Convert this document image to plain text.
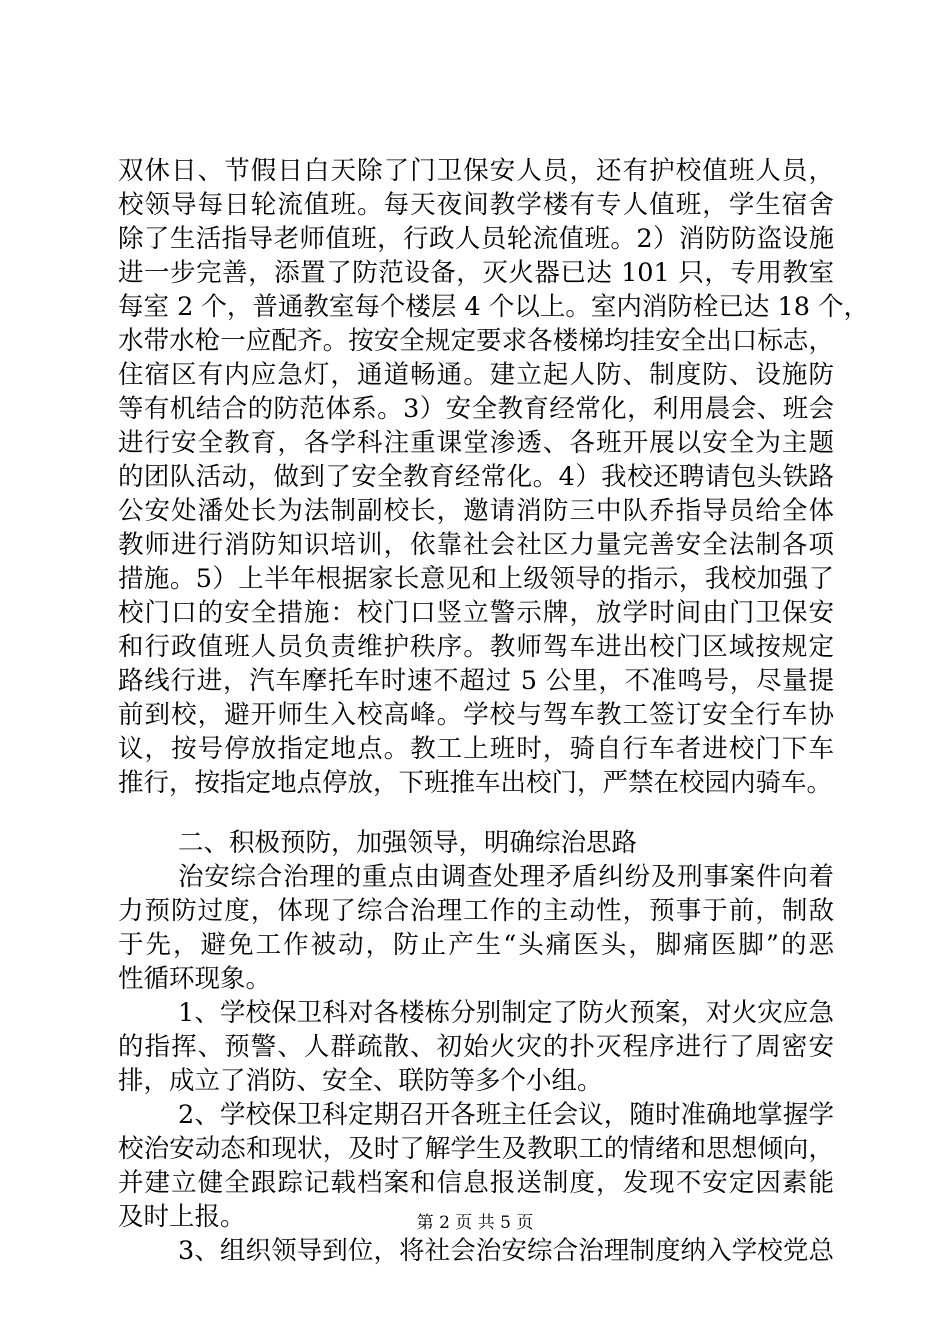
双休日、节假日白天除了门卫保安人员，还有护校值班人员，
校领导每日轮流值班。每天夜间教学楼有专人值班，学生宿舍
除了生活指导老师值班，行政人员轮流值班。2）消防防盗设施
进一步完善，添置了防范设备，灭火器已达 101 只，专用教室
每室 2 个，普通教室每个楼层 4 个以上。室内消防栓已达 18 个，
水带水枪一应配齐。按安全规定要求各楼梯均挂安全出口标志，
住宿区有内应急灯，通道畅通。建立起人防、制度防、设施防
等有机结合的防范体系。3）安全教育经常化，利用晨会、班会
进行安全教育，各学科注重课堂渗透、各班开展以安全为主题
的团队活动，做到了安全教育经常化。4）我校还聘请包头铁路
公安处潘处长为法制副校长，邀请消防三中队乔指导员给全体
教师进行消防知识培训，依靠社会社区力量完善安全法制各项
措施。5）上半年根据家长意见和上级领导的指示，我校加强了
校门口的安全措施：校门口竖立警示牌，放学时间由门卫保安
和行政值班人员负责维护秩序。教师驾车进出校门区域按规定
路线行进，汽车摩托车时速不超过 5 公里，不准鸣号，尽量提
前到校，避开师生入校高峰。学校与驾车教工签订安全行车协
议，按号停放指定地点。教工上班时，骑自行车者进校门下车
推行，按指定地点停放，下班推车出校门，严禁在校园内骑车。
二、积极预防，加强领导，明确综治思路
治安综合治理的重点由调查处理矛盾纠纷及刑事案件向着
力预防过度，体现了综合治理工作的主动性，预事于前，制敌
于先，避免工作被动，防止产生“头痛医头，脚痛医脚”的恶
性循环现象。
1、学校保卫科对各楼栋分别制定了防火预案，对火灾应急
的指挥、预警、人群疏散、初始火灾的扑灭程序进行了周密安
排，成立了消防、安全、联防等多个小组。
2、学校保卫科定期召开各班主任会议，随时准确地掌握学
校治安动态和现状，及时了解学生及教职工的情绪和思想倾向，
并建立健全跟踪记载档案和信息报送制度，发现不安定因素能
及时上报。
3、组织领导到位，将社会治安综合治理制度纳入学校党总
第 2 页 共 5 页
